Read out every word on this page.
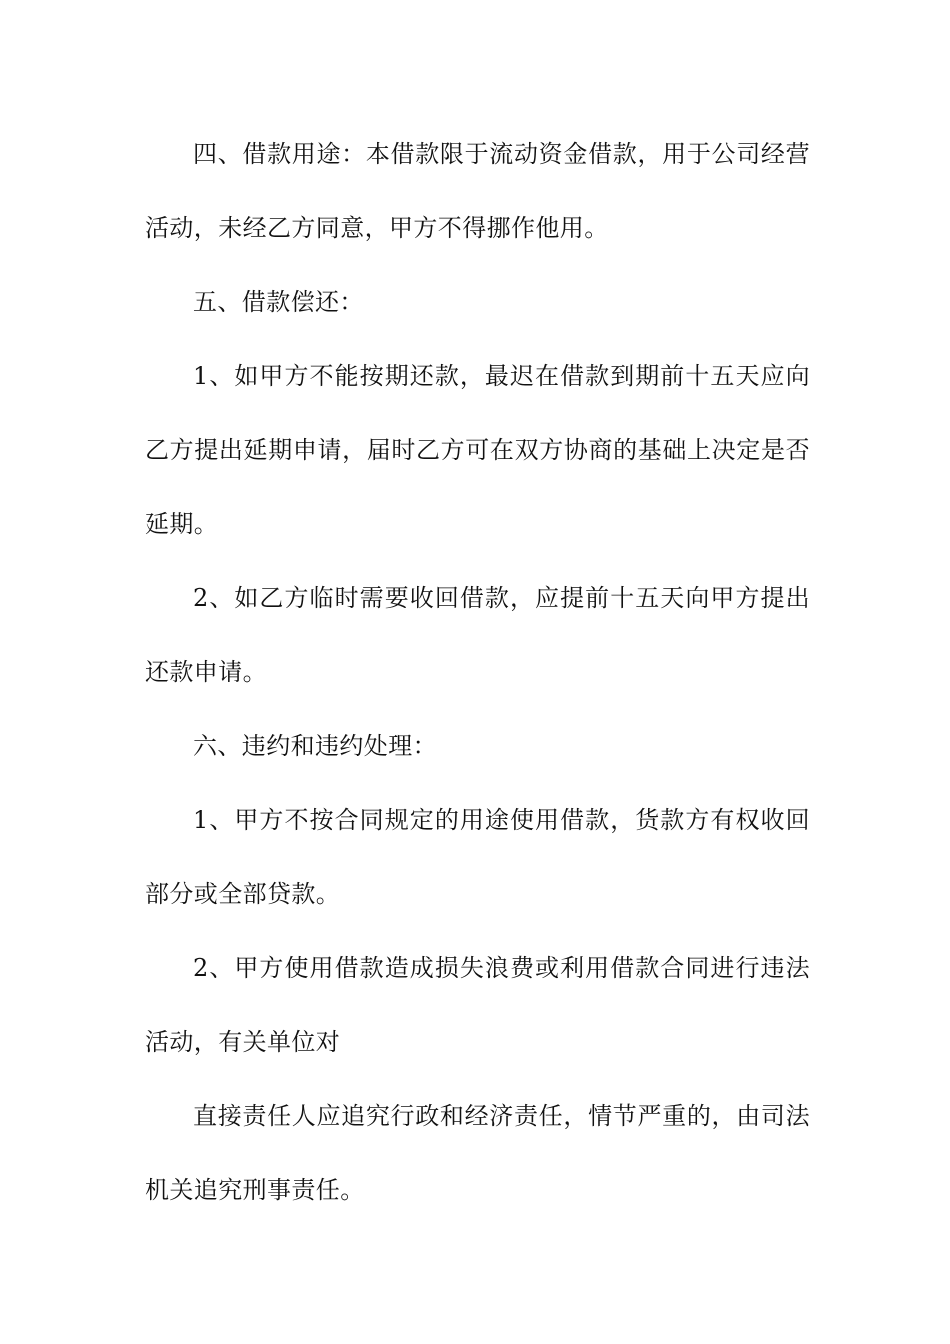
四、借款用途：本借款限于流动资金借款，用于公司经营活动，未经乙方同意，甲方不得挪作他用。

五、借款偿还：

1、如甲方不能按期还款，最迟在借款到期前十五天应向乙方提出延期申请，届时乙方可在双方协商的基础上决定是否延期。

2、如乙方临时需要收回借款，应提前十五天向甲方提出还款申请。

六、违约和违约处理：

1、甲方不按合同规定的用途使用借款，货款方有权收回部分或全部贷款。

2、甲方使用借款造成损失浪费或利用借款合同进行违法活动，有关单位对

直接责任人应追究行政和经济责任，情节严重的，由司法机关追究刑事责任。
